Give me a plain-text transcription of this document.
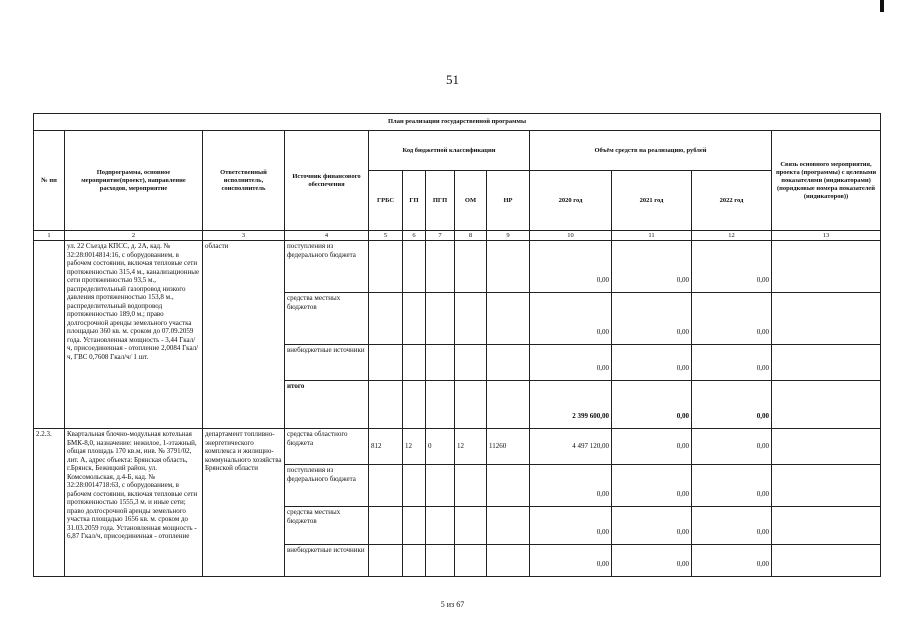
51
План реализации государственной программы												
№ пп	Подпрограмма, основное мероприятие(проект), направление расходов, мероприятие	Ответственный исполнитель, соисполнитель	Источник финансового обеспечения	Код бюджетной классификации					Объём средств на реализацию, рублей			Связь основного мероприятия, проекта (программы) с целевыми показателями (индикаторами) (порядковые номера показателей (индикаторов))
				ГРБС	ГП	ПГП	ОМ	НР	2020 год	2021 год	2022 год	
1	2	3	4	5	6	7	8	9	10	11	12	13
	ул. 22 Съезда КПСС, д. 2А, кад. № 32:28:0014814:16, с оборудованием, в рабочем состоянии, включая тепловые сети протяженностью 315,4 м., канализационные сети протяженностью 93,5 м., распределительный газопровод низкого давления протяженностью 153,8 м., распределительный водопровод протяженностью 189,0 м.; право долгосрочной аренды земельного участка площадью 360 кв. м. сроком до 07.09.2059 года. Установленная мощность - 3,44 Гкал/ч, присоединенная - отопление 2,0084 Гкал/ч, ГВС 0,7608 Гкал/ч/ 1 шт.	области	поступления из федерального бюджета						0,00	0,00	0,00	
			средства местных бюджетов						0,00	0,00	0,00	
			внебюджетные источники						0,00	0,00	0,00	
			итого						2 399 600,00	0,00	0,00	
2.2.3.	Квартальная блочно-модульная котельная БМК-8,0, назначение: нежилое, 1-этажный, общая площадь 170 кв.м, инв. № 3791/02, лит. А, адрес объекта: Брянская область, г.Брянск, Бежицкий район, ул. Комсомольская, д.4-Б, кад. № 32:28:0014718:63, с оборудованием, в рабочем состоянии, включая тепловые сети протяженностью 1555,3 м. и иные сети; право долгосрочной аренды земельного участка площадью 1656 кв. м. сроком до 31.03.2059 года. Установленная мощность - 6,87 Гкал/ч, присоединенная - отопление	департамент топливно-энергетического комплекса и жилищно-коммунального хозяйства Брянской области	средства областного бюджета	812	12	0	12	11260	4 497 120,00	0,00	0,00	
			поступления из федерального бюджета						0,00	0,00	0,00	
			средства местных бюджетов						0,00	0,00	0,00	
			внебюджетные источники						0,00	0,00	0,00	
5 из 67
